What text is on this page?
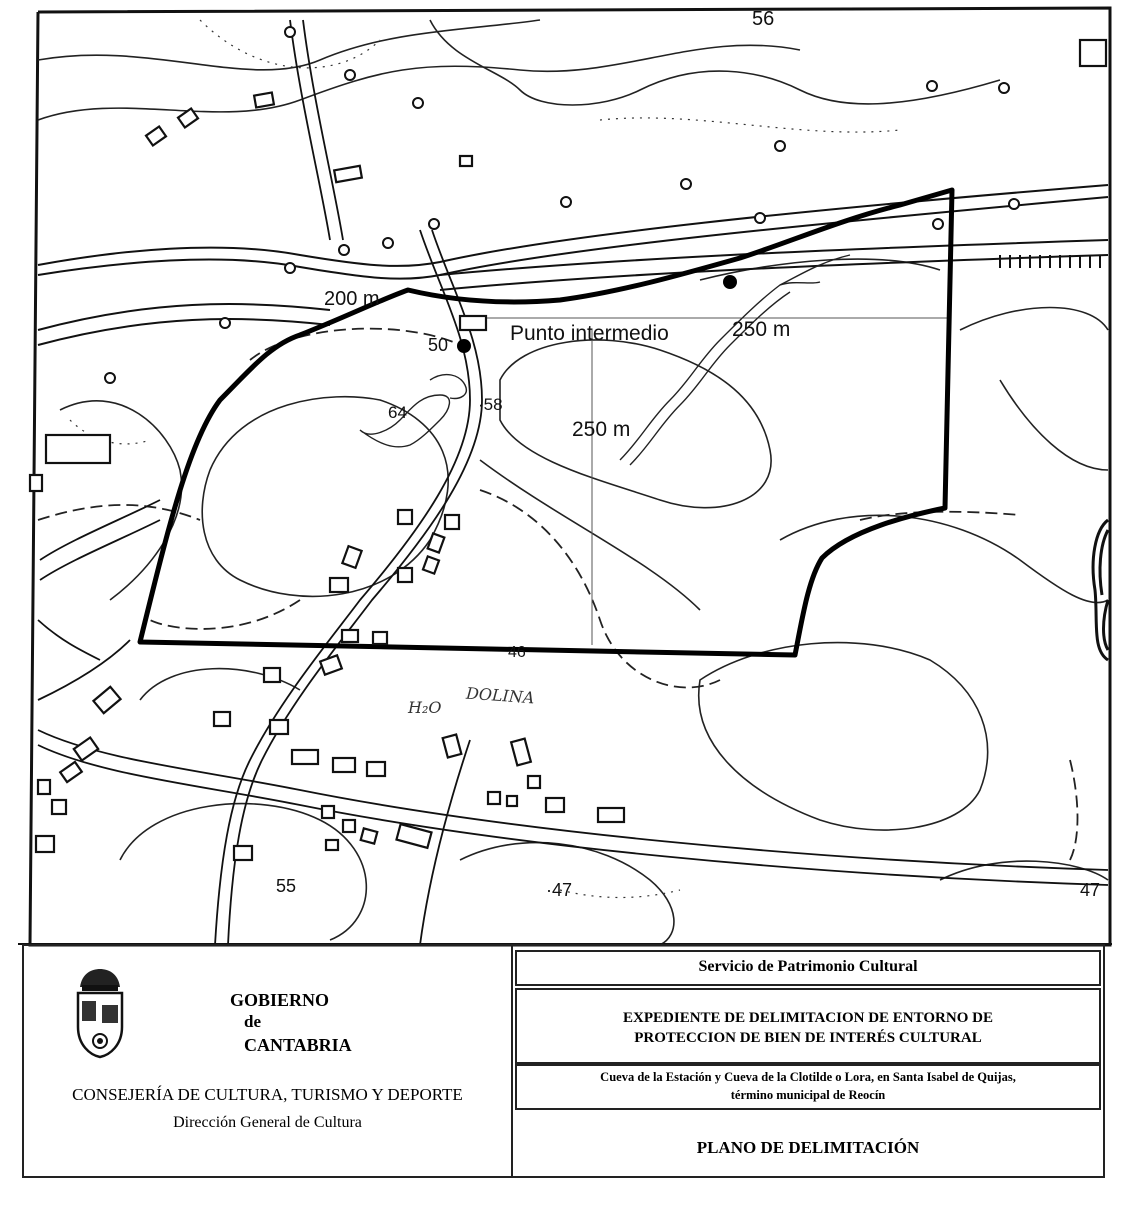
56
200 m
Punto intermedio	250 m
250 m
50
64	·58
46
55	·47	47
DOLINA
H₂O
GOBIERNO
de
CANTABRIA
CONSEJERÍA DE CULTURA, TURISMO Y DEPORTE
Dirección General de Cultura
Servicio de Patrimonio Cultural
EXPEDIENTE DE DELIMITACION DE ENTORNO DE
PROTECCION DE BIEN DE INTERÉS CULTURAL
Cueva de la Estación y Cueva de la Clotilde o Lora, en Santa Isabel de Quijas,
término municipal de Reocín
PLANO DE DELIMITACIÓN
